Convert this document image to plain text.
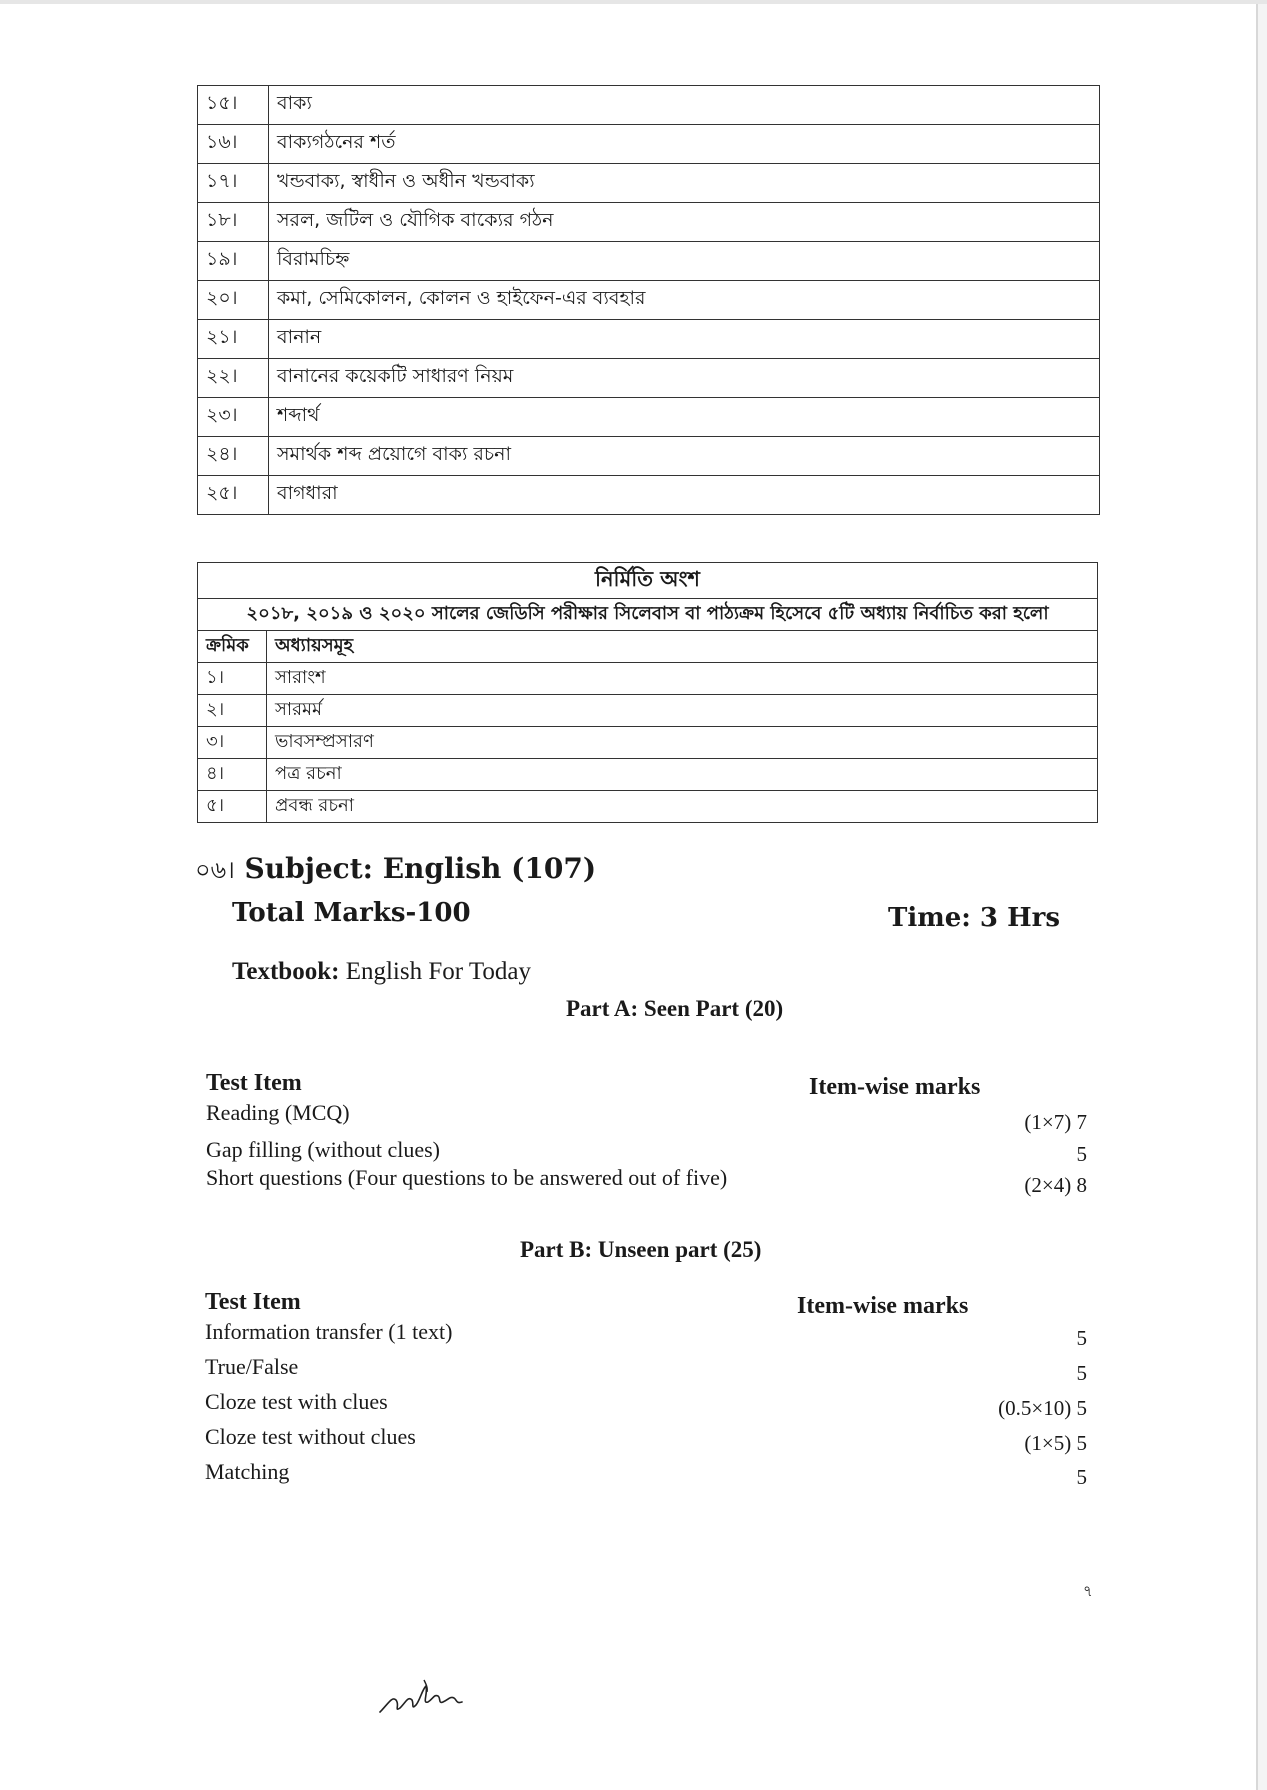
১৫।	বাক্য
১৬।	বাক্যগঠনের শর্ত
১৭।	খন্ডবাক্য, স্বাধীন ও অধীন খন্ডবাক্য
১৮।	সরল, জটিল ও যৌগিক বাক্যের গঠন
১৯।	বিরামচিহ্ন
২০।	কমা, সেমিকোলন, কোলন ও হাইফেন-এর ব্যবহার
২১।	বানান
২২।	বানানের কয়েকটি সাধারণ নিয়ম
২৩।	শব্দার্থ
২৪।	সমার্থক শব্দ প্রয়োগে বাক্য রচনা
২৫।	বাগধারা
নির্মিতি অংশ	
২০১৮, ২০১৯ ও ২০২০ সালের জেডিসি পরীক্ষার সিলেবাস বা পাঠ্যক্রম হিসেবে ৫টি অধ্যায় নির্বাচিত করা হলো	
ক্রমিক	অধ্যায়সমূহ
১।	সারাংশ
২।	সারমর্ম
৩।	ভাবসম্প্রসারণ
৪।	পত্র রচনা
৫।	প্রবন্ধ রচনা
০৬। Subject: English (107)
Total Marks-100	Time: 3 Hrs
Textbook: English For Today
Part A: Seen Part (20)
Test Item	Item-wise marks
Reading (MCQ)	(1×7) 7
Gap filling (without clues)	5
Short questions (Four questions to be answered out of five)	(2×4) 8
Part B: Unseen part (25)
Test Item	Item-wise marks
Information transfer (1 text)	5
True/False	5
Cloze test with clues	(0.5×10) 5
Cloze test without clues	(1×5) 5
Matching	5
৭
